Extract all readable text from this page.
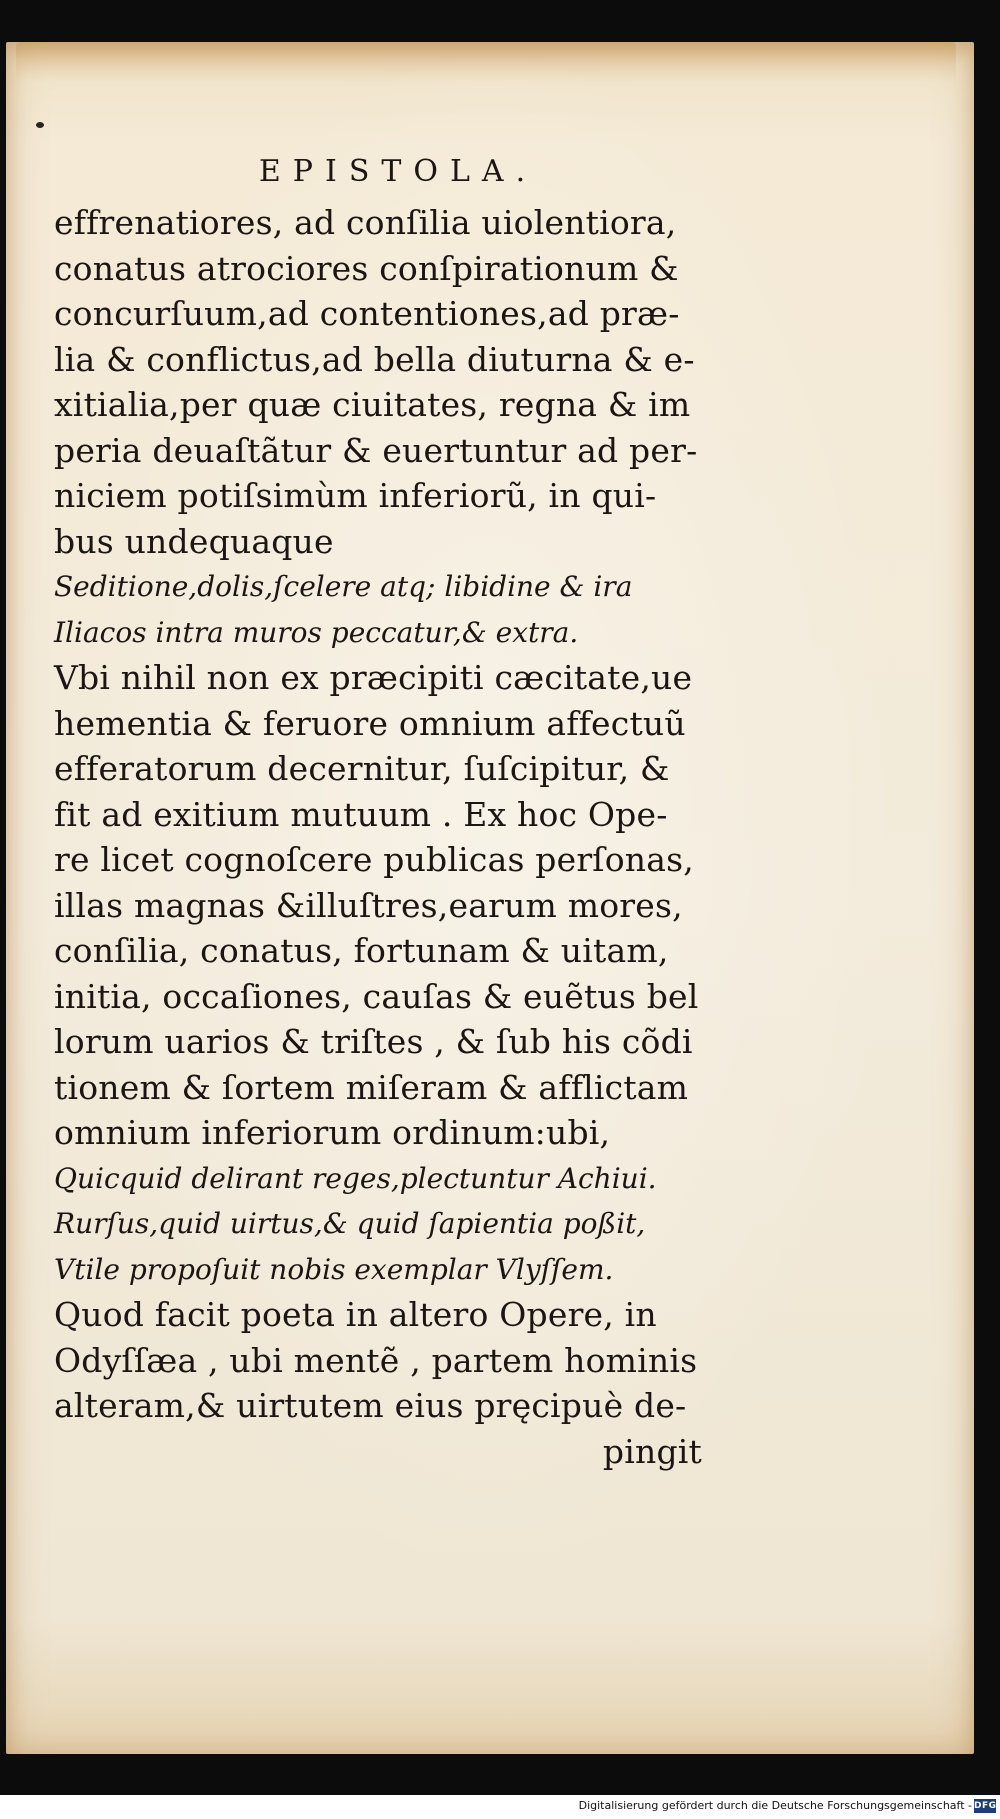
EPISTOLA.
effrenatiores, ad conſilia uiolentiora,
conatus atrociores conſpirationum &
concurſuum,ad contentiones,ad præ-
lia & conflictus,ad bella diuturna & e-
xitialia,per quæ ciuitates, regna & im
peria deuaſtãtur & euertuntur ad per-
niciem potiſsimùm inferiorũ, in qui-
bus undequaque
Seditione,dolis,ſcelere atq; libidine & ira
Iliacos intra muros peccatur,& extra.
Vbi nihil non ex præcipiti cæcitate,ue
hementia & feruore omnium affectuũ
efferatorum decernitur, ſuſcipitur, &
fit ad exitium mutuum . Ex hoc Ope-
re licet cognoſcere publicas perſonas,
illas magnas &illuſtres,earum mores,
conſilia, conatus, fortunam & uitam,
initia, occaſiones, cauſas & euẽtus bel
lorum uarios & triſtes , & ſub his cõdi
tionem & ſortem miſeram & afflictam
omnium inferiorum ordinum:ubi,
Quicquid delirant reges,plectuntur Achiui.
Rurſus,quid uirtus,& quid ſapientia poßit,
Vtile propoſuit nobis exemplar Vlyſſem.
Quod facit poeta in altero Opere, in
Odyſſæa , ubi mentẽ , partem hominis
alteram,& uirtutem eius pręcipuè de-
pingit
Digitalisierung gefördert durch die Deutsche Forschungsgemeinschaft - DFG
